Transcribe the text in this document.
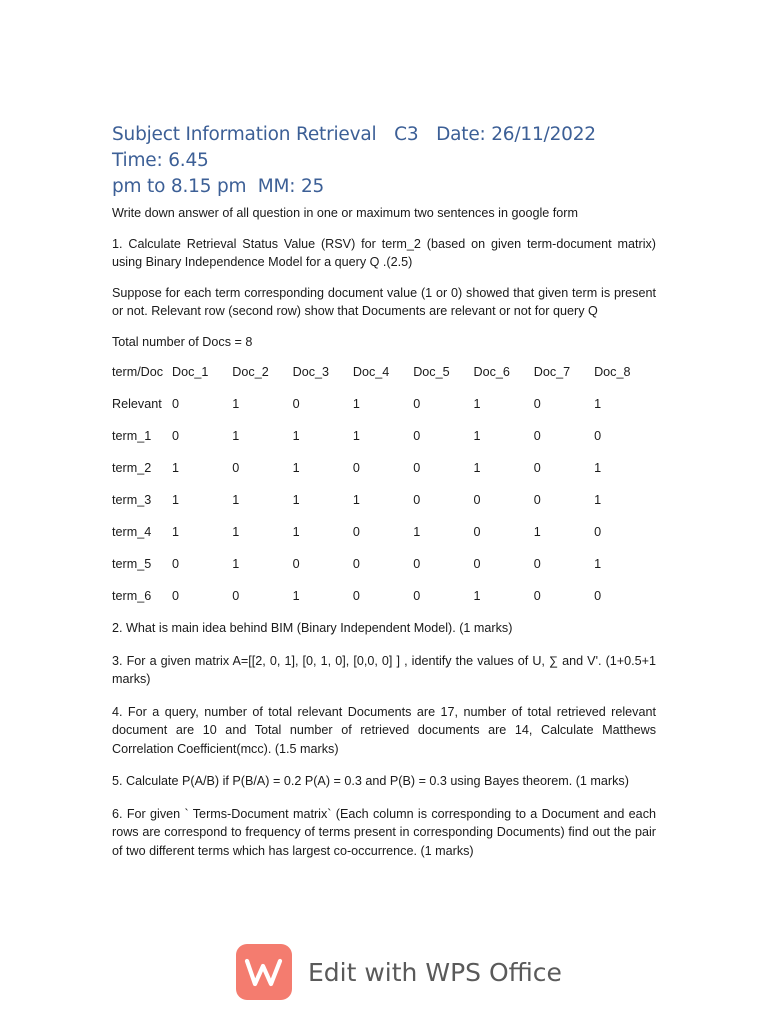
Subject Information Retrieval C3 Date: 26/11/2022  Time: 6.45
pm to 8.15 pm MM: 25

Write down answer of all question in one or maximum two sentences in google form

1. Calculate Retrieval Status Value (RSV) for term_2 (based on given term-document matrix) using Binary Independence Model for a query Q .(2.5)

Suppose for each term corresponding document value (1 or 0) showed that given term is present or not. Relevant row (second row) show that Documents are relevant or not for query Q

Total number of Docs = 8

term/Doc	Doc_1	Doc_2	Doc_3	Doc_4	Doc_5	Doc_6	Doc_7	Doc_8
Relevant	0	1	0	1	0	1	0	1
term_1	0	1	1	1	0	1	0	0
term_2	1	0	1	0	0	1	0	1
term_3	1	1	1	1	0	0	0	1
term_4	1	1	1	0	1	0	1	0
term_5	0	1	0	0	0	0	0	1
term_6	0	0	1	0	0	1	0	0

2. What is main idea behind BIM (Binary Independent Model). (1 marks)

3. For a given matrix A=[[2, 0, 1], [0, 1, 0], [0,0, 0] ] , identify the values of U, ∑ and V'. (1+0.5+1 marks)

4. For a query, number of total relevant Documents are 17, number of total retrieved relevant document are 10 and Total number of retrieved documents are 14, Calculate Matthews Correlation Coefficient(mcc). (1.5 marks)

5. Calculate P(A/B) if P(B/A) = 0.2 P(A) = 0.3 and P(B) = 0.3 using Bayes theorem. (1 marks)

6. For given ` Terms-Document matrix` (Each column is corresponding to a Document and each rows are correspond to frequency of terms present in corresponding Documents) find out the pair of two different terms which has largest co-occurrence. (1 marks)

Edit with WPS Office
